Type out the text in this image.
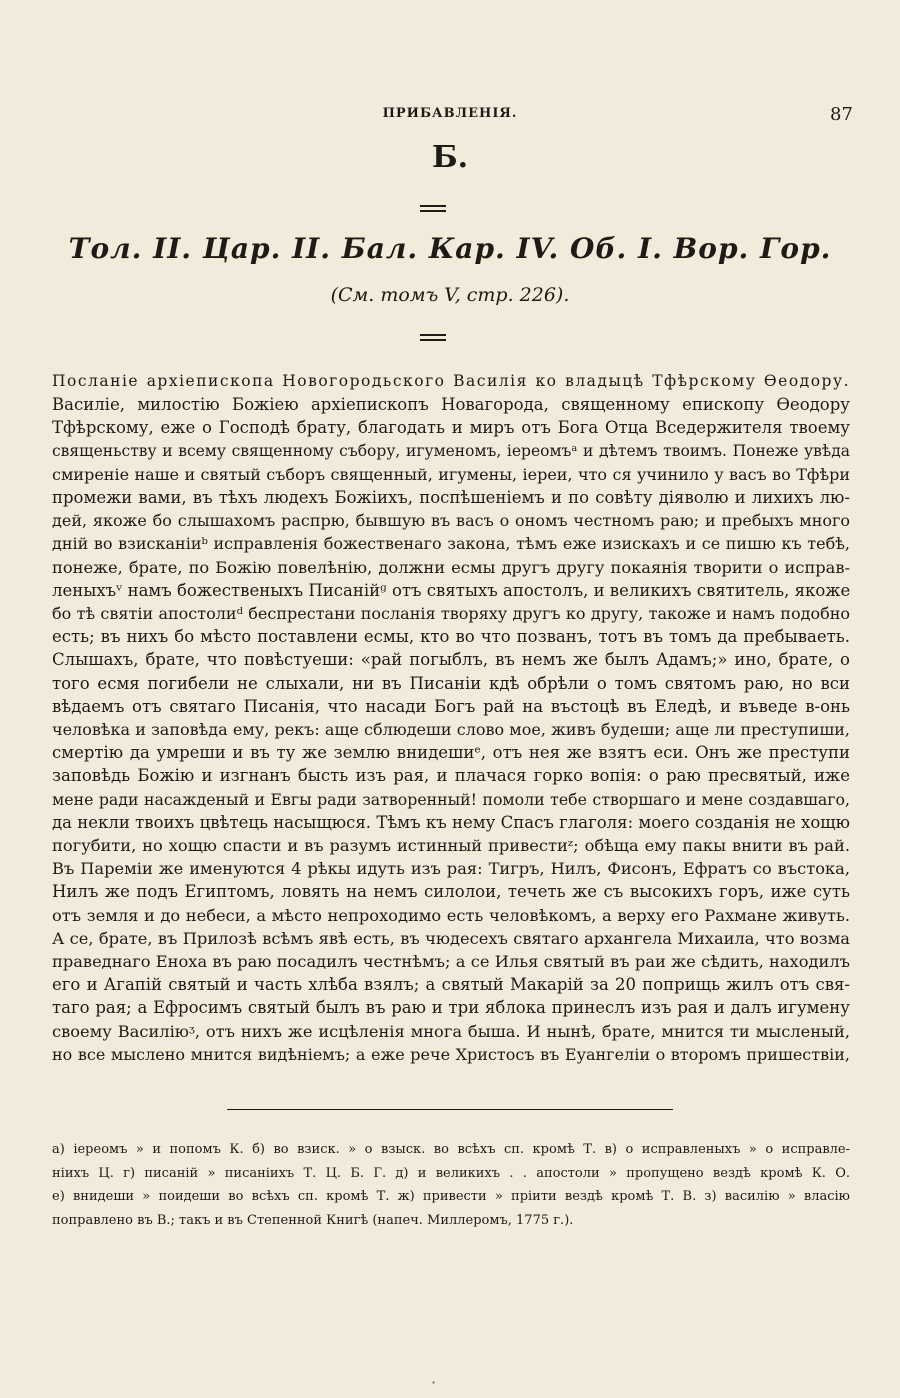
ПРИБАВЛЕНIЯ.	87
Б.
Тол. II. Цар. II. Бал. Кар. IV. Об. I. Вор. Гор.
(См. томъ V, стр. 226).
Посланiе архiепископа Новогородьского Василiя ко владыцѣ Тфѣрскому Өеодору.
Василiе, милостiю Божiею архiепископъ Новагорода, священному епископу Өеодору
Тфѣрскому, еже о Господѣ брату, благодать и миръ отъ Бога Отца Вседержителя твоему
священьству и всему священному събору, игуменомъ, iереомъᵃ и дѣтемъ твоимъ. Понеже увѣда
смиренiе наше и святый съборъ священный, игумены, iереи, что ся учинило у васъ во Тфѣри
промежи вами, въ тѣхъ людехъ Божiихъ, поспѣшенiемъ и по совѣту дiяволю и лихихъ лю-
дей, якоже бо слышахомъ распрю, бывшую въ васъ о ономъ честномъ раю; и пребыхъ много
днiй во взисканiиᵇ исправленiя божественаго закона, тѣмъ еже изискахъ и се пишю къ тебѣ,
понеже, брате, по Божiю повелѣнiю, должни есмы другъ другу покаянiя творити о исправ-
леныхъᵛ намъ божественыхъ Писанiйᵍ отъ святыхъ апостолъ, и великихъ святитель, якоже
бо тѣ святiи апостолиᵈ беспрестани посланiя творяху другъ ко другу, такоже и намъ подобно
есть; въ нихъ бо мѣсто поставлени есмы, кто во что позванъ, тотъ въ томъ да пребываеть.
Слышахъ, брате, что повѣстуеши: «рай погыблъ, въ немъ же былъ Адамъ;» ино, брате, о
того есмя погибели не слыхали, ни въ Писанiи кдѣ обрѣли о томъ святомъ раю, но вси
вѣдаемъ отъ святаго Писанiя, что насади Богъ рай на въстоцѣ въ Еледѣ, и въведе в-онь
человѣка и заповѣда ему, рекъ: аще сблюдеши слово мое, живъ будеши; аще ли преступиши,
смертiю да умреши и въ ту же землю внидешиᵉ, отъ нея же взятъ еси. Онъ же преступи
заповѣдь Божiю и изгнанъ бысть изъ рая, и плачася горко вопiя: о раю пресвятый, иже
мене ради насажденый и Евгы ради затворенный! помоли тебе створшаго и мене создавшаго,
да некли твоихъ цвѣтець насыщюся. Тѣмъ къ нему Спасъ глаголя: моего созданiя не хощю
погубити, но хощю спасти и въ разумъ истинный привестиᶻ; обѣща ему пакы внити въ рай.
Въ Паремiи же именуются 4 рѣкы идуть изъ рая: Тигръ, Нилъ, Фисонъ, Ефратъ со въстока,
Нилъ же подъ Египтомъ, ловять на немъ силолои, течеть же съ высокихъ горъ, иже суть
отъ земля и до небеси, а мѣсто непроходимо есть человѣкомъ, а верху его Рахмане живуть.
А се, брате, въ Прилозѣ всѣмъ явѣ есть, въ чюдесехъ святаго архангела Михаила, что возма
праведнаго Еноха въ раю посадилъ честнѣмъ; а се Илья святый въ раи же сѣдить, находилъ
его и Агапiй святый и часть хлѣба взялъ; а святый Макарiй за 20 поприщь жилъ отъ свя-
таго рая; а Ефросимъ святый былъ въ раю и три яблока принеслъ изъ рая и далъ игумену
своему Василiюᶾ, отъ нихъ же исцѣленiя многа быша. И нынѣ, брате, мнится ти мысленый,
но все мыслено мнится видѣнiемъ; а еже рече Христосъ въ Еуангелiи о второмъ пришествiи,
а) iереомъ » и попомъ К. б) во взиск. » о взыск. во всѣхъ сп. кромѣ Т. в) о исправленыхъ » о исправле-
нiихъ Ц. г) писанiй » писанiихъ Т. Ц. Б. Г. д) и великихъ . . апостоли » пропущено вездѣ кромѣ К. О.
е) внидеши » поидеши во всѣхъ сп. кромѣ Т. ж) привести » прiити вездѣ кромѣ Т. В. з) василiю » власiю
поправлено въ В.; такъ и въ Степенной Книгѣ (напеч. Миллеромъ, 1775 г.).
·
